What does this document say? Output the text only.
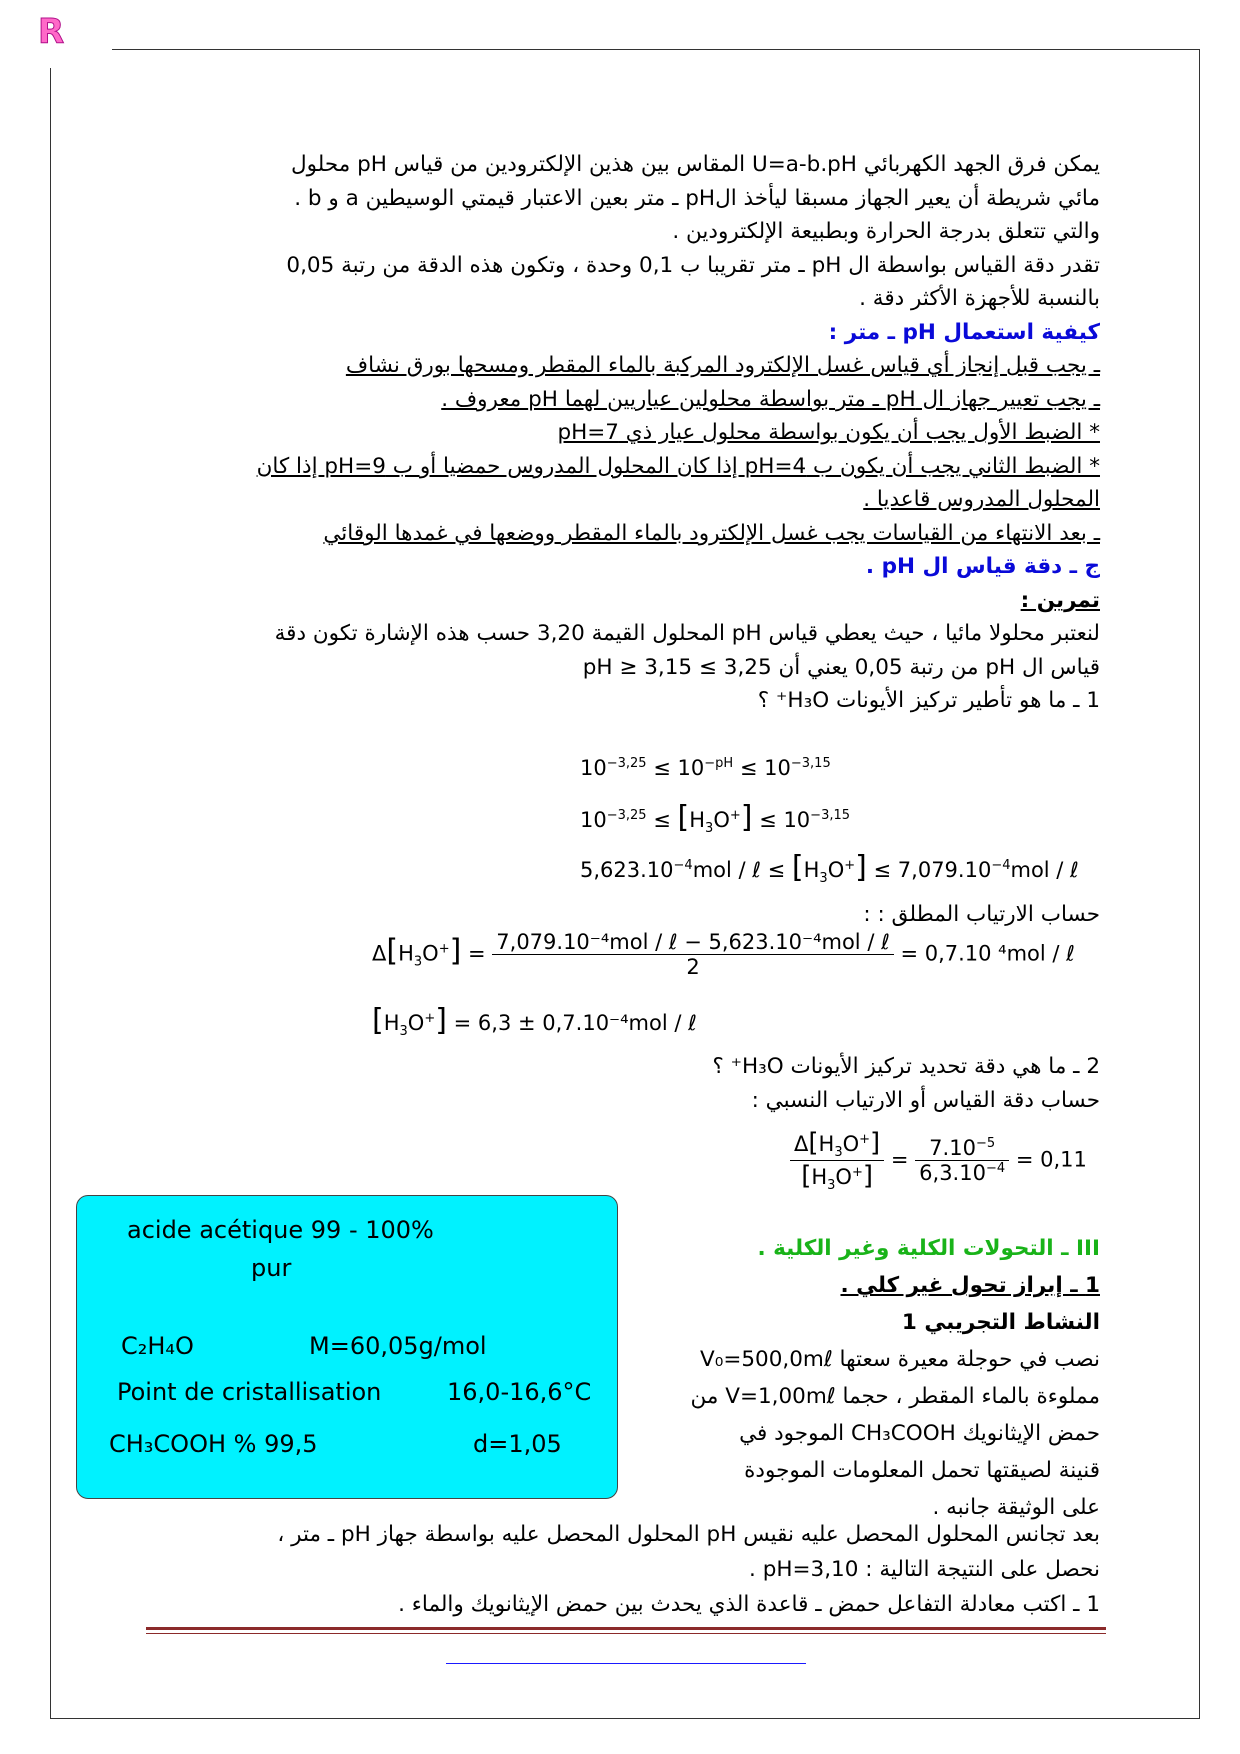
R
يمكن فرق الجهد الكهربائي U=a-b.pH المقاس بين هذين الإلكترودين من قياس pH محلول
مائي شريطة أن يعير الجهاز مسبقا ليأخذ الpH ـ متر بعين الاعتبار قيمتي الوسيطين a و b .
والتي تتعلق بدرجة الحرارة وبطبيعة الإلكترودين .
تقدر دقة القياس بواسطة ال pH ـ متر تقريبا ب 0,1 وحدة ، وتكون هذه الدقة من رتبة 0,05
بالنسبة للأجهزة الأكثر دقة .
كيفية استعمال pH ـ متر :
ـ يجب قبل إنجاز أي قياس غسل الإلكترود المركبة بالماء المقطر ومسحها بورق نشاف
ـ يجب تعيير جهاز ال pH ـ متر بواسطة محلولين عياريين لهما pH معروف .
* الضبط الأول يجب أن يكون بواسطة محلول عيار ذي pH=7
* الضبط الثاني يجب أن يكون ب pH=4 إذا كان المحلول المدروس حمضيا أو ب pH=9 إذا كان
المحلول المدروس قاعديا .
ـ بعد الانتهاء من القياسات يجب غسل الإلكترود بالماء المقطر ووضعها في غمدها الوقائي
ج ـ دقة قياس ال pH .
تمرين :
لنعتبر محلولا مائيا ، حيث يعطي قياس pH المحلول القيمة 3,20 حسب هذه الإشارة تكون دقة
قياس ال pH من رتبة 0,05 يعني أن 3,25 ≥ pH ≥ 3,15
1 ـ ما هو تأطير تركيز الأيونات H₃O⁺ ؟
$10^{-3,25} \le 10^{-pH} \le 10^{-3,15}$
$10^{-3,25} \le [H_3O^+] \le 10^{-3,15}$
$5,623.10^{-4}mol$ / ℓ ≤ $[H_3O^+] \le 7,079.10^{-4}mol$ / ℓ
حساب الارتياب المطلق : :
$\Delta[H_3O^+] = \frac{\text{7,079.10⁻⁴mol / ℓ − 5,623.10⁻⁴mol / ℓ}}{2} = 0,7.10$ ⁴mol / ℓ
$[H_3O^+] = 6,3 \pm 0,7.10^{-4}mol$ / ℓ
2 ـ ما هي دقة تحديد تركيز الأيونات H₃O⁺ ؟
حساب دقة القياس أو الارتياب النسبي :
$\frac{\Delta[H_3O^+]}{[H_3O^+]} = \frac{7.10^{-5}}{6,3.10^{-4}} = 0,11$
III ـ التحولات الكلية وغير الكلية .
1 ـ إبراز تحول غير كلي .
النشاط التجريبي 1
نصب في حوجلة معيرة سعتها V₀=500,0mℓ
مملوءة بالماء المقطر ، حجما V=1,00mℓ من
حمض الإيثانويك CH₃COOH الموجود في
قنينة لصيقتها تحمل المعلومات الموجودة
على الوثيقة جانبه .
acide acétique 99 - 100%
pur
C₂H₄O	M=60,05g/mol
Point de cristallisation	16,0-16,6°C
CH₃COOH % 99,5	d=1,05
بعد تجانس المحلول المحصل عليه نقيس pH المحلول المحصل عليه بواسطة جهاز pH ـ متر ،
نحصل على النتيجة التالية : pH=3,10 .
1 ـ اكتب معادلة التفاعل حمض ـ قاعدة الذي يحدث بين حمض الإيثانويك والماء .
